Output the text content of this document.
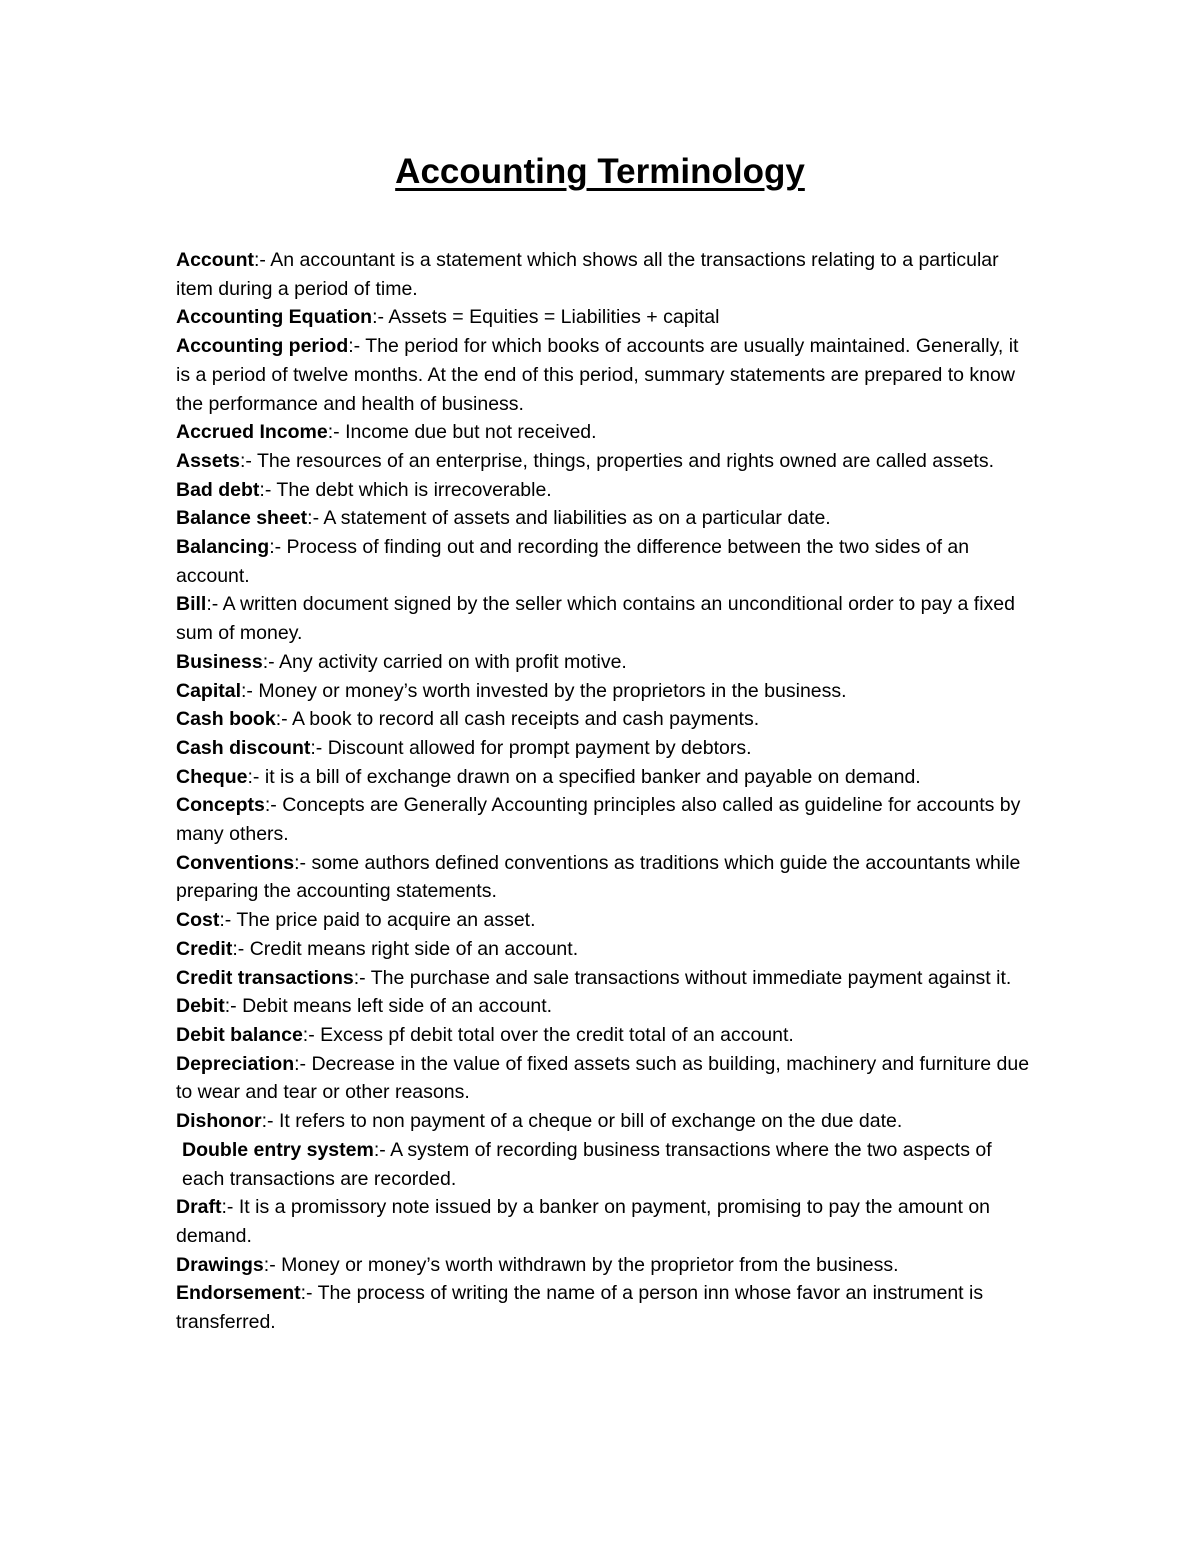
Accounting Terminology
Account:- An accountant is a statement which shows all the transactions relating to a particular item during a period of time.
Accounting Equation:- Assets = Equities = Liabilities + capital
Accounting period:- The period for which books of accounts are usually maintained. Generally, it is a period of twelve months. At the end of this period, summary statements are prepared to know the performance and health of business.
Accrued Income:- Income due but not received.
Assets:- The resources of an enterprise, things, properties and rights owned are called assets.
Bad debt:- The debt which is irrecoverable.
Balance sheet:- A statement of assets and liabilities as on a particular date.
Balancing:- Process of finding out and recording the difference between the two sides of an account.
Bill:- A written document signed by the seller which contains an unconditional order to pay a fixed sum of money.
Business:- Any activity carried on with profit motive.
Capital:- Money or money’s worth invested by the proprietors in the business.
Cash book:- A book to record all cash receipts and cash payments.
Cash discount:- Discount allowed for prompt payment by debtors.
Cheque:- it is a bill of exchange drawn on a specified banker and payable on demand.
Concepts:- Concepts are Generally Accounting principles also called as guideline for accounts by many others.
Conventions:- some authors defined conventions as traditions which guide the accountants while preparing the accounting statements.
Cost:- The price paid to acquire an asset.
Credit:- Credit means right side of an account.
Credit transactions:- The purchase and sale transactions without immediate payment against it.
Debit:- Debit means left side of an account.
Debit balance:- Excess pf debit total over the credit total of an account.
Depreciation:- Decrease in the value of fixed assets such as building, machinery and furniture due to wear and tear or other reasons.
Dishonor:- It refers to non payment of a cheque or bill of exchange on the due date.
Double entry system:- A system of recording business transactions where the two aspects of each transactions are recorded.
Draft:- It is a promissory note issued by a banker on payment, promising to pay the amount on demand.
Drawings:- Money or money’s worth withdrawn by the proprietor from the business.
Endorsement:- The process of writing the name of a person inn whose favor an instrument is transferred.
